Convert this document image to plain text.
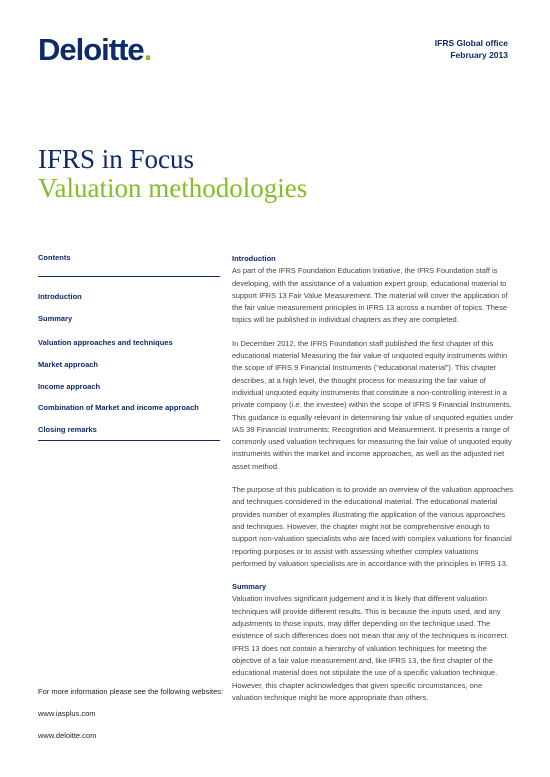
Deloitte.	IFRS Global office
February 2013
IFRS in Focus
Valuation methodologies
Contents
Introduction
Summary
Valuation approaches and techniques
Market approach
Income approach
Combination of Market and income approach
Closing remarks
Introduction

As part of the IFRS Foundation Education Initiative, the IFRS Foundation staff is developing, with the assistance of a valuation expert group, educational material to support IFRS 13 Fair Value Measurement. The material will cover the application of the fair value measurement principles in IFRS 13 across a number of topics. These topics will be published in individual chapters as they are completed.

In December 2012, the IFRS Foundation staff published the first chapter of this educational material Measuring the fair value of unquoted equity instruments within the scope of IFRS 9 Financial Instruments (“educational material”). This chapter describes, at a high level, the thought process for measuring the fair value of individual unquoted equity instruments that constitute a non-controlling interest in a private company (i.e. the investee) within the scope of IFRS 9 Financial Instruments. This guidance is equally relevant in determining fair value of unquoted equities under IAS 39 Financial Instruments: Recognition and Measurement. It presents a range of commonly used valuation techniques for measuring the fair value of unquoted equity instruments within the market and income approaches, as well as the adjusted net asset method.

The purpose of this publication is to provide an overview of the valuation approaches and techniques considered in the educational material. The educational material provides number of examples illustrating the application of the various approaches and techniques. However, the chapter might not be comprehensive enough to support non-valuation specialists who are faced with complex valuations for financial reporting purposes or to assist with assessing whether complex valuations performed by valuation specialists are in accordance with the principles in IFRS 13.

Summary

Valuation involves significant judgement and it is likely that different valuation techniques will provide different results. This is because the inputs used, and any adjustments to those inputs, may differ depending on the technique used. The existence of such differences does not mean that any of the techniques is incorrect. IFRS 13 does not contain a hierarchy of valuation techniques for meeting the objective of a fair value measurement and, like IFRS 13, the first chapter of the educational material does not stipulate the use of a specific valuation technique. However, this chapter acknowledges that given specific circumstances, one valuation technique might be more appropriate than others.

For more information please see the following websites:
www.iasplus.com
www.deloitte.com
